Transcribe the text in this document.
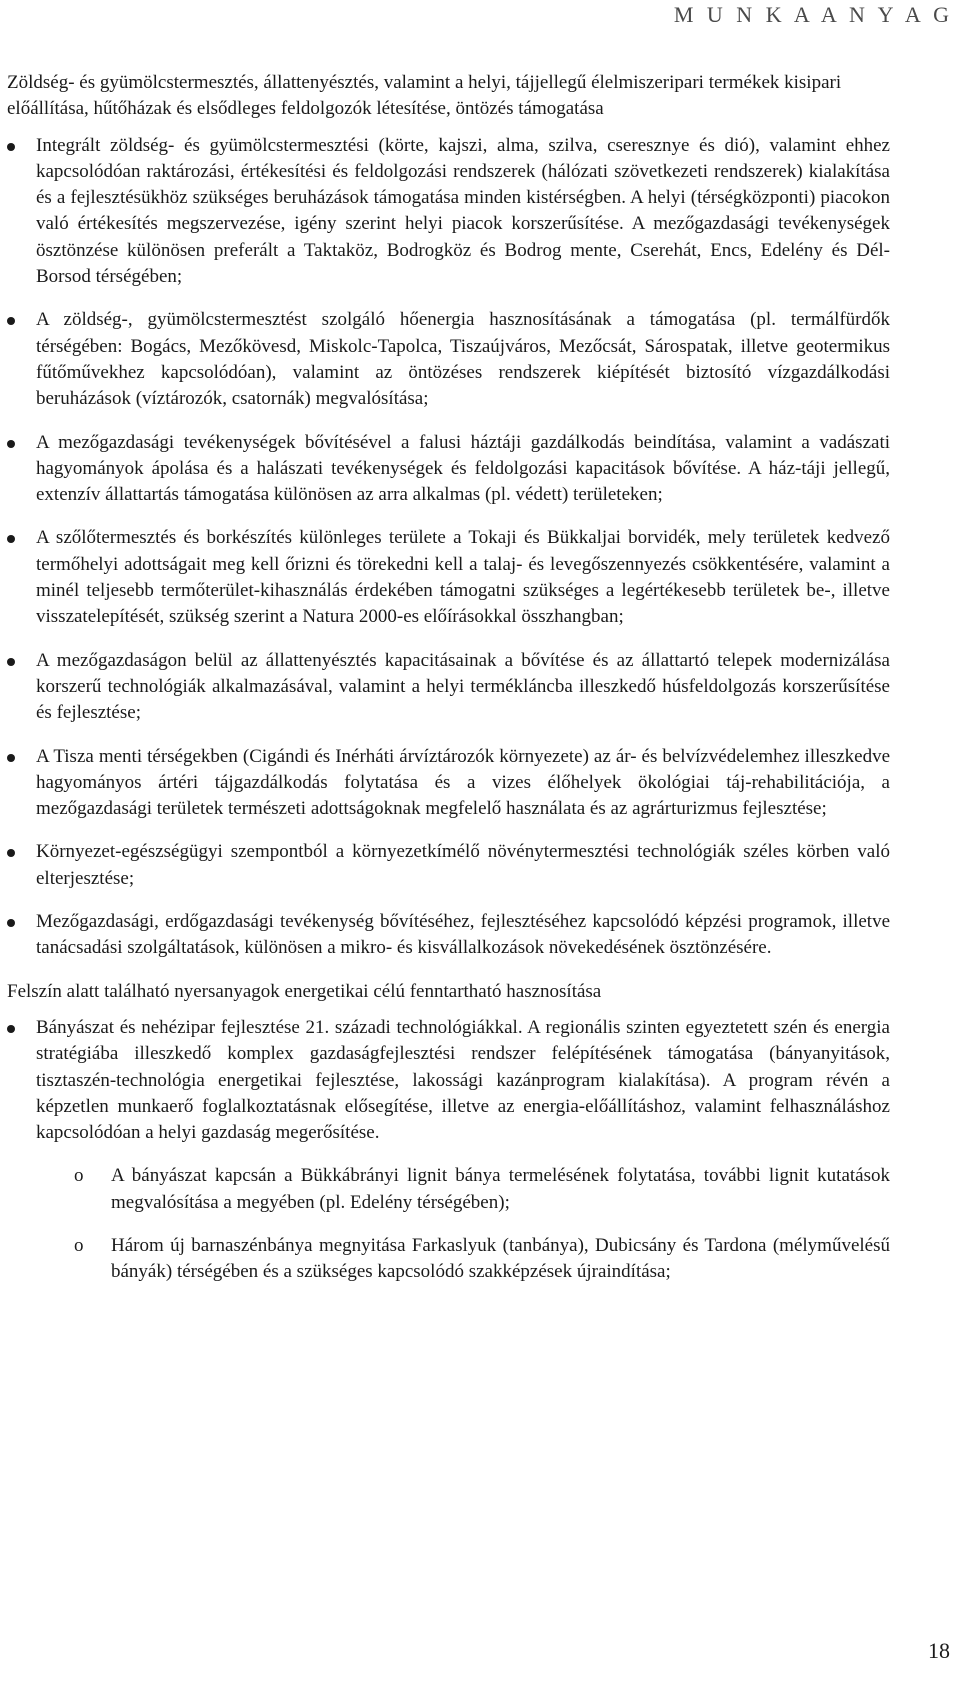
M U N K A A N Y A G

Zöldség- és gyümölcstermesztés, állattenyésztés, valamint a helyi, tájjellegű élelmiszeripari termékek kisipari előállítása, hűtőházak és elsődleges feldolgozók létesítése, öntözés támogatása

Integrált zöldség- és gyümölcstermesztési (körte, kajszi, alma, szilva, cseresznye és dió), valamint ehhez kapcsolódóan raktározási, értékesítési és feldolgozási rendszerek (hálózati szövetkezeti rendszerek) kialakítása és a fejlesztésükhöz szükséges beruházások támogatása minden kistérségben. A helyi (térségközponti) piacokon való értékesítés megszervezése, igény szerint helyi piacok korszerűsítése. A mezőgazdasági tevékenységek ösztönzése különösen preferált a Taktaköz, Bodrogköz és Bodrog mente, Cserehát, Encs, Edelény és Dél-Borsod térségében;
A zöldség-, gyümölcstermesztést szolgáló hőenergia hasznosításának a támogatása (pl. termálfürdők térségében: Bogács, Mezőkövesd, Miskolc-Tapolca, Tiszaújváros, Mezőcsát, Sárospatak, illetve geotermikus fűtőművekhez kapcsolódóan), valamint az öntözéses rendszerek kiépítését biztosító vízgazdálkodási beruházások (víztározók, csatornák) megvalósítása;
A mezőgazdasági tevékenységek bővítésével a falusi háztáji gazdálkodás beindítása, valamint a vadászati hagyományok ápolása és a halászati tevékenységek és feldolgozási kapacitások bővítése. A ház-táji jellegű, extenzív állattartás támogatása különösen az arra alkalmas (pl. védett) területeken;
A szőlőtermesztés és borkészítés különleges területe a Tokaji és Bükkaljai borvidék, mely területek kedvező termőhelyi adottságait meg kell őrizni és törekedni kell a talaj- és levegőszennyezés csökkentésére, valamint a minél teljesebb termőterület-kihasználás érdekében támogatni szükséges a legértékesebb területek be-, illetve visszatelepítését, szükség szerint a Natura 2000-es előírásokkal összhangban;
A mezőgazdaságon belül az állattenyésztés kapacitásainak a bővítése és az állattartó telepek modernizálása korszerű technológiák alkalmazásával, valamint a helyi termékláncba illeszkedő húsfeldolgozás korszerűsítése és fejlesztése;
A Tisza menti térségekben (Cigándi és Inérháti árvíztározók környezete) az ár- és belvízvédelemhez illeszkedve hagyományos ártéri tájgazdálkodás folytatása és a vizes élőhelyek ökológiai táj-rehabilitációja, a mezőgazdasági területek természeti adottságoknak megfelelő használata és az agrárturizmus fejlesztése;
Környezet-egészségügyi szempontból a környezetkímélő növénytermesztési technológiák széles körben való elterjesztése;
Mezőgazdasági, erdőgazdasági tevékenység bővítéséhez, fejlesztéséhez kapcsolódó képzési programok, illetve tanácsadási szolgáltatások, különösen a mikro- és kisvállalkozások növekedésének ösztönzésére.

Felszín alatt található nyersanyagok energetikai célú fenntartható hasznosítása

Bányászat és nehézipar fejlesztése 21. századi technológiákkal. A regionális szinten egyeztetett szén és energia stratégiába illeszkedő komplex gazdaságfejlesztési rendszer felépítésének támogatása (bányanyitások, tisztaszén-technológia energetikai fejlesztése, lakossági kazánprogram kialakítása). A program révén a képzetlen munkaerő foglalkoztatásnak elősegítése, illetve az energia-előállításhoz, valamint felhasználáshoz kapcsolódóan a helyi gazdaság megerősítése.
o A bányászat kapcsán a Bükkábrányi lignit bánya termelésének folytatása, további lignit kutatások megvalósítása a megyében (pl. Edelény térségében);
o Három új barnaszénbánya megnyitása Farkaslyuk (tanbánya), Dubicsány és Tardona (mélyművelésű bányák) térségében és a szükséges kapcsolódó szakképzések újraindítása;
18
